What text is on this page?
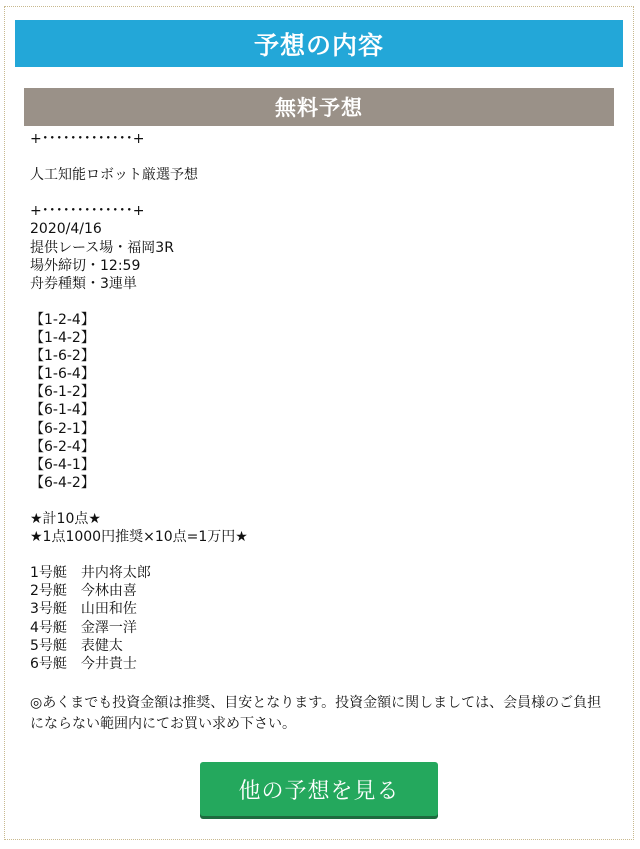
予想の内容
無料予想
+･････････････+
人工知能ロボット厳選予想
+･････････････+
2020/4/16
提供レース場・福岡3R
場外締切・12:59
舟券種類・3連単
【1-2-4】
【1-4-2】
【1-6-2】
【1-6-4】
【6-1-2】
【6-1-4】
【6-2-1】
【6-2-4】
【6-4-1】
【6-4-2】
★計10点★
★1点1000円推奨×10点=1万円★
1号艇　井内将太郎
2号艇　今林由喜
3号艇　山田和佐
4号艇　金澤一洋
5号艇　表健太
6号艇　今井貴士
◎あくまでも投資金額は推奨、目安となります。投資金額に関しましては、会員様のご負担にならない範囲内にてお買い求め下さい。
他の予想を見る
